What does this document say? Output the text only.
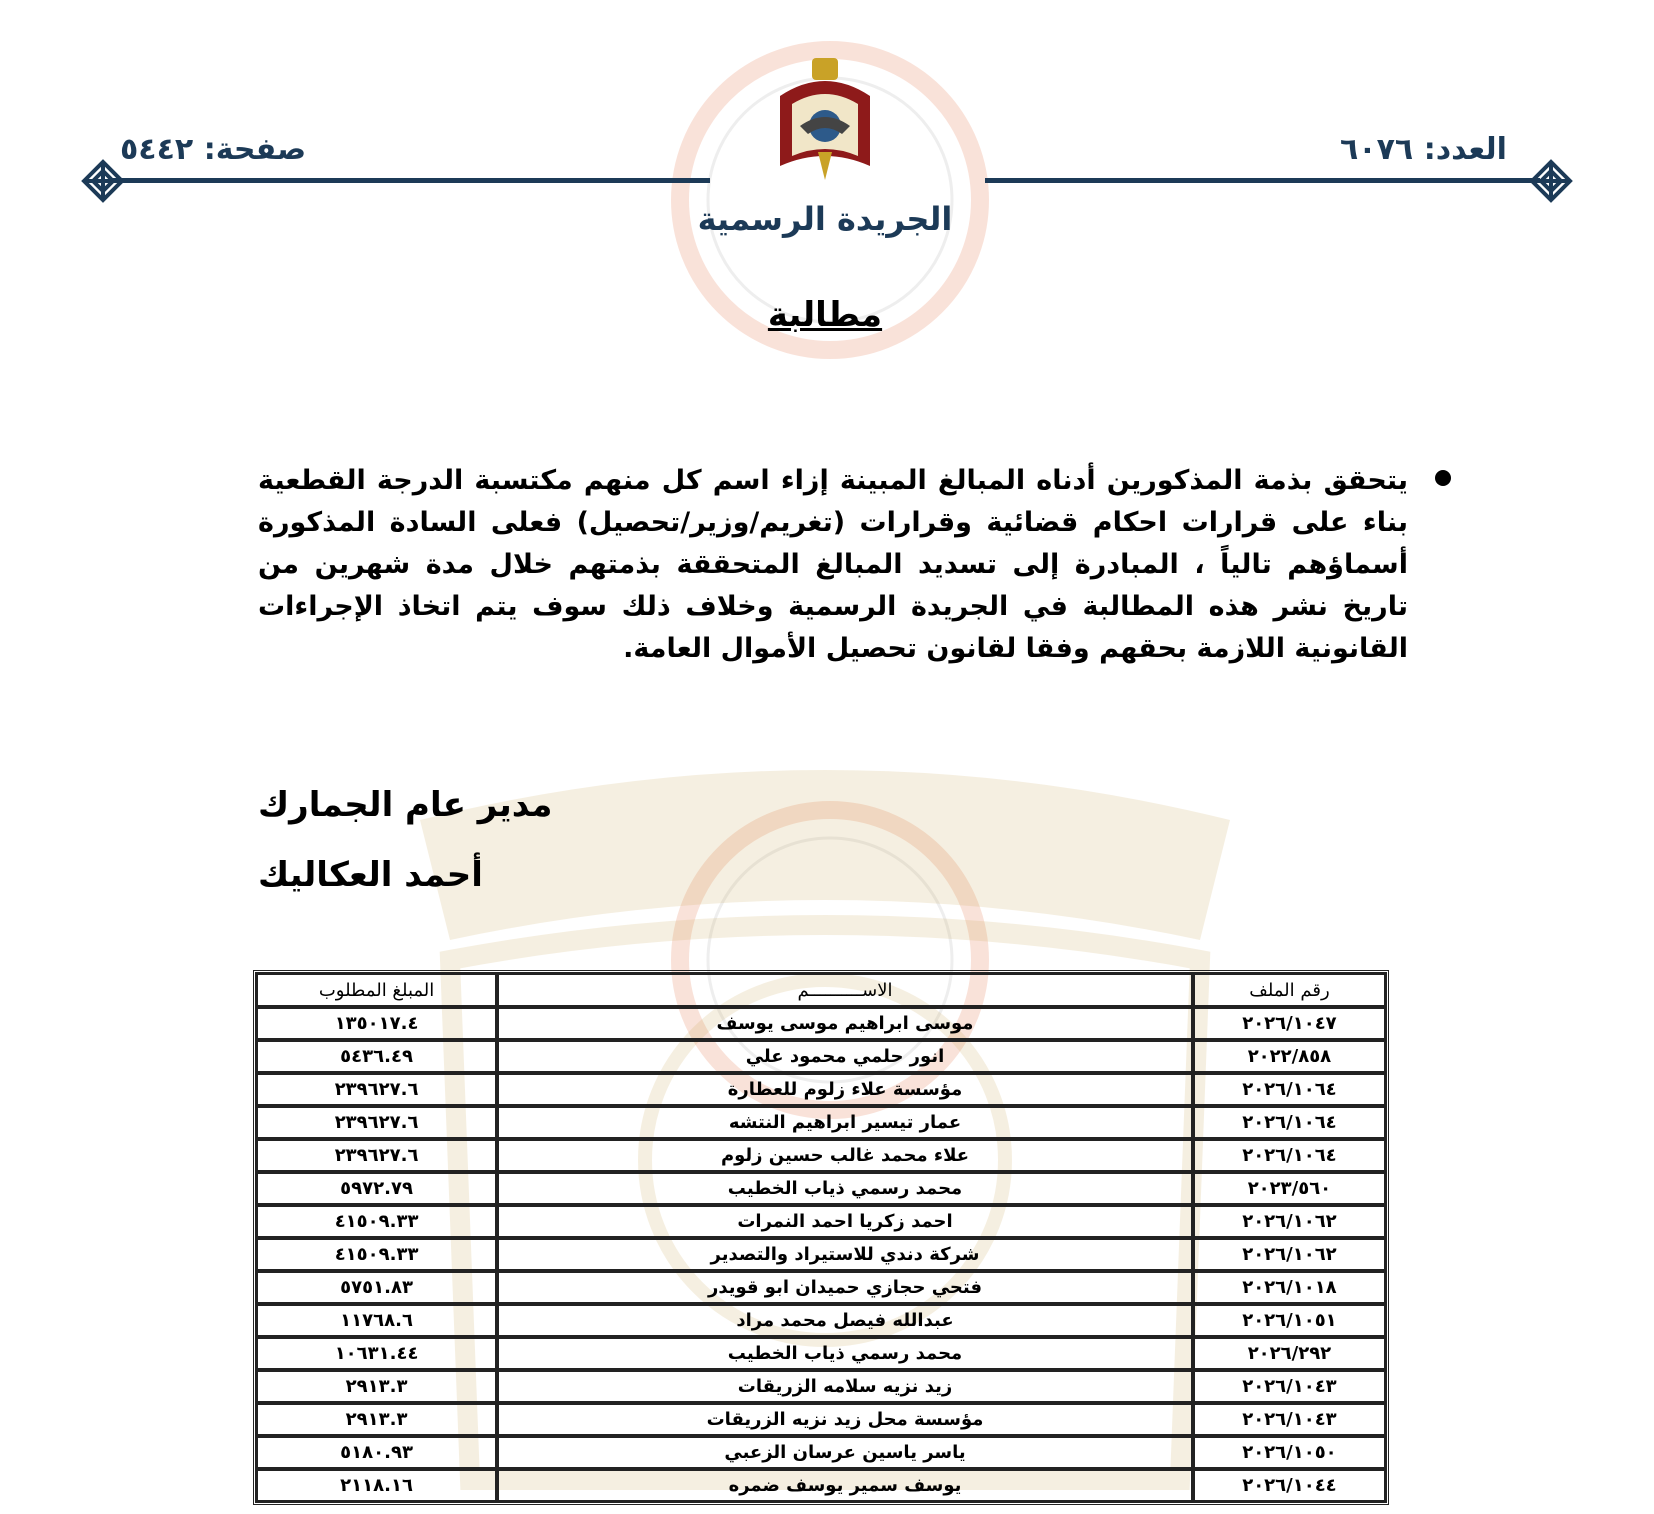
العدد: ٦٠٧٦
صفحة: ٥٤٤٢
الجريدة الرسمية
مطالبة
يتحقق بذمة المذكورين أدناه المبالغ المبينة إزاء اسم كل منهم مكتسبة الدرجة القطعية بناء على قرارات احكام قضائية وقرارات (تغريم/وزير/تحصيل) فعلى السادة المذكورة أسماؤهم تالياً ، المبادرة إلى تسديد المبالغ المتحققة بذمتهم خلال مدة شهرين من تاريخ نشر هذه المطالبة في الجريدة الرسمية وخلاف ذلك سوف يتم اتخاذ الإجراءات القانونية اللازمة بحقهم وفقا لقانون تحصيل الأموال العامة.
مدير عام الجمارك
أحمد العكاليك
رقم الملف	الاســــــــــم	المبلغ المطلوب
٢٠٢٦/١٠٤٧	موسى ابراهيم موسى يوسف	١٣٥٠١٧.٤
٢٠٢٢/٨٥٨	انور حلمي محمود علي	٥٤٣٦.٤٩
٢٠٢٦/١٠٦٤	مؤسسة علاء زلوم للعطارة	٢٣٩٦٢٧.٦
٢٠٢٦/١٠٦٤	عمار تيسير ابراهيم النتشه	٢٣٩٦٢٧.٦
٢٠٢٦/١٠٦٤	علاء محمد غالب حسين زلوم	٢٣٩٦٢٧.٦
٢٠٢٣/٥٦٠	محمد رسمي ذياب الخطيب	٥٩٧٢.٧٩
٢٠٢٦/١٠٦٢	احمد زكريا احمد النمرات	٤١٥٠٩.٣٣
٢٠٢٦/١٠٦٢	شركة دندي للاستيراد والتصدير	٤١٥٠٩.٣٣
٢٠٢٦/١٠١٨	فتحي حجازي حميدان ابو قويدر	٥٧٥١.٨٣
٢٠٢٦/١٠٥١	عبدالله فيصل محمد مراد	١١٧٦٨.٦
٢٠٢٦/٢٩٢	محمد رسمي ذياب الخطيب	١٠٦٣١.٤٤
٢٠٢٦/١٠٤٣	زيد نزيه سلامه الزريقات	٢٩١٣.٣
٢٠٢٦/١٠٤٣	مؤسسة محل زيد نزيه الزريقات	٢٩١٣.٣
٢٠٢٦/١٠٥٠	ياسر ياسين عرسان الزعبي	٥١٨٠.٩٣
٢٠٢٦/١٠٤٤	يوسف سمير يوسف ضمره	٢١١٨.١٦
